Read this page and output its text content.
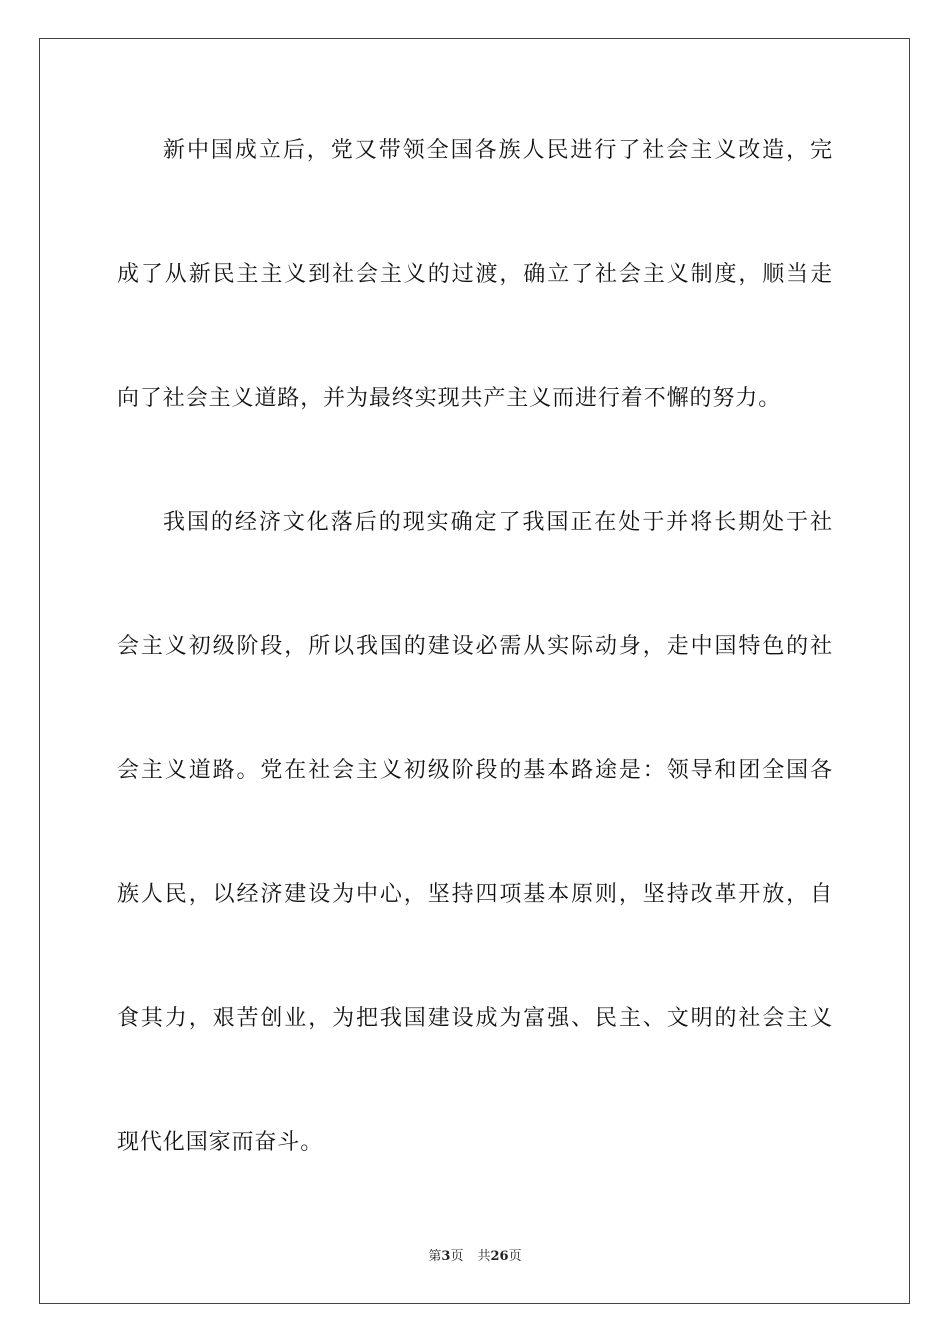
新中国成立后，党又带领全国各族人民进行了社会主义改造，完
成了从新民主主义到社会主义的过渡，确立了社会主义制度，顺当走
向了社会主义道路，并为最终实现共产主义而进行着不懈的努力。
我国的经济文化落后的现实确定了我国正在处于并将长期处于社
会主义初级阶段，所以我国的建设必需从实际动身，走中国特色的社
会主义道路。党在社会主义初级阶段的基本路途是：领导和团全国各
族人民，以经济建设为中心，坚持四项基本原则，坚持改革开放，自
食其力，艰苦创业，为把我国建设成为富强、民主、文明的社会主义
现代化国家而奋斗。
第3页 共26页
